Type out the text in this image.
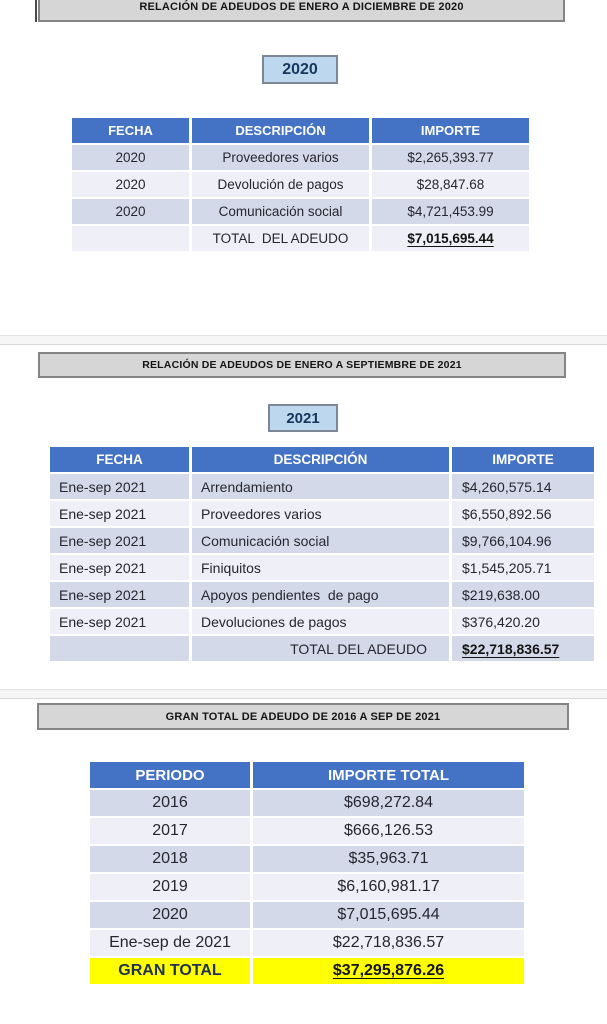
RELACIÓN DE ADEUDOS DE ENERO A DICIEMBRE DE 2020
2020
FECHA	DESCRIPCIÓN	IMPORTE
2020	Proveedores varios	$2,265,393.77
2020	Devolución de pagos	$28,847.68
2020	Comunicación social	$4,721,453.99
	TOTAL  DEL ADEUDO	$7,015,695.44
RELACIÓN DE ADEUDOS DE ENERO A SEPTIEMBRE DE 2021
2021
FECHA	DESCRIPCIÓN	IMPORTE
Ene-sep 2021	Arrendamiento	$4,260,575.14
Ene-sep 2021	Proveedores varios	$6,550,892.56
Ene-sep 2021	Comunicación social	$9,766,104.96
Ene-sep 2021	Finiquitos	$1,545,205.71
Ene-sep 2021	Apoyos pendientes  de pago	$219,638.00
Ene-sep 2021	Devoluciones de pagos	$376,420.20
	TOTAL DEL ADEUDO	$22,718,836.57
GRAN TOTAL DE ADEUDO DE 2016 A SEP DE 2021
PERIODO	IMPORTE TOTAL
2016	$698,272.84
2017	$666,126.53
2018	$35,963.71
2019	$6,160,981.17
2020	$7,015,695.44
Ene-sep de 2021	$22,718,836.57
GRAN TOTAL	$37,295,876.26
